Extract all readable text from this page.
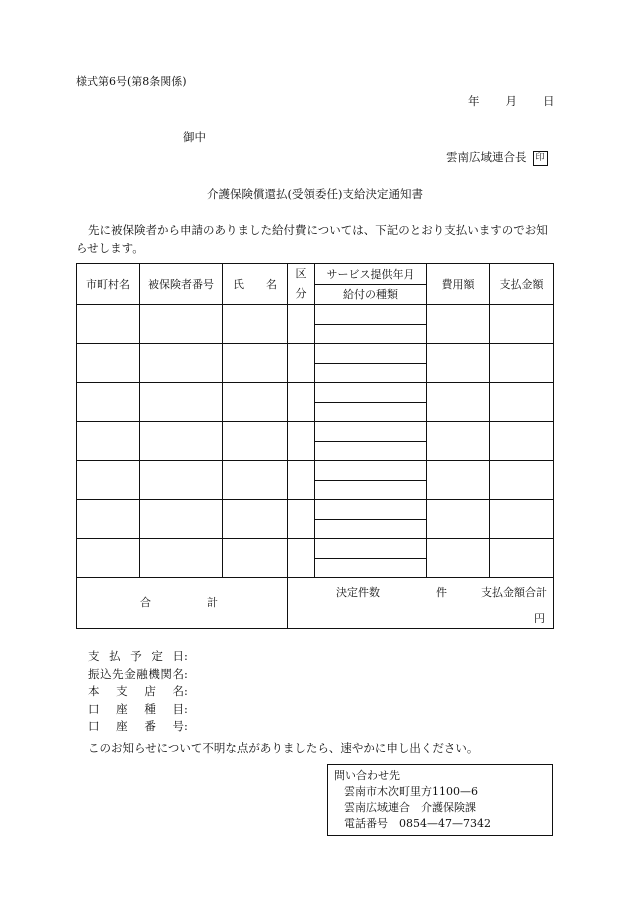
様式第6号(第8条関係)
年 月 日
御中
雲南広域連合長 印
介護保険償還払(受領委任)支給決定通知書
先に被保険者から申請のありました給付費については、下記のとおり支払いますのでお知らせします。
市町村名	被保険者番号	氏　　名	区分	サービス提供年月	費用額	支払金額
				給付の種類		

合計			決定件数 件 支払金額合計
円			
支払予定日:
振込先金融機関名:
本支店名:
口座種目:
口座番号:
このお知らせについて不明な点がありましたら、速やかに申し出ください。
問い合わせ先
雲南市木次町里方1100—6
雲南広域連合　介護保険課
電話番号　0854—47—7342
